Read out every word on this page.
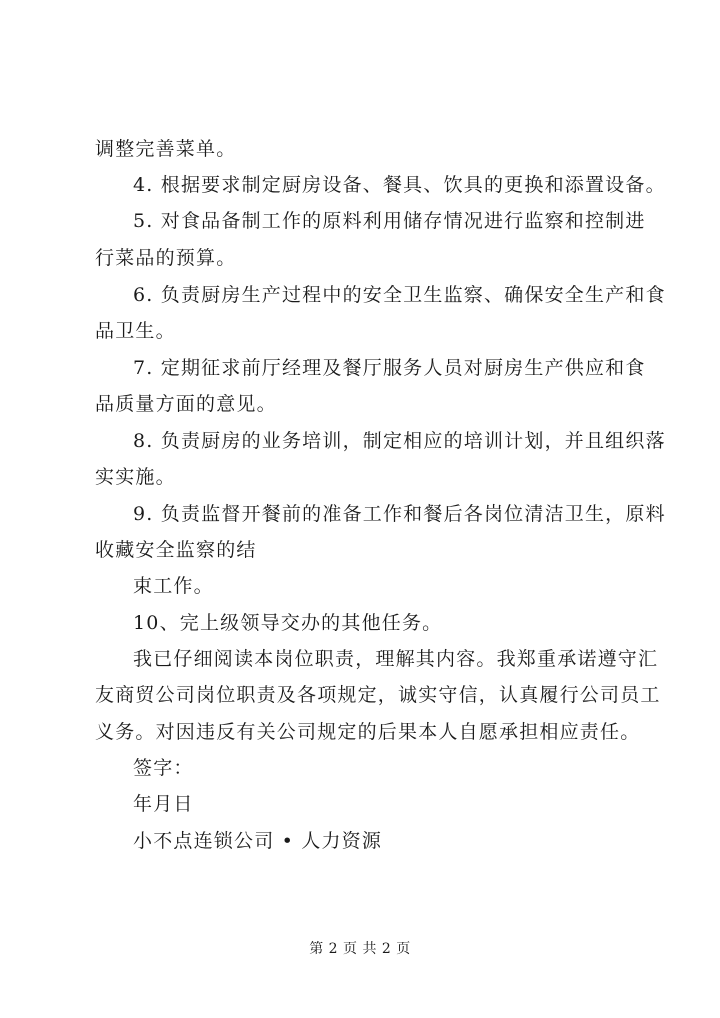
调整完善菜单。
4. 根据要求制定厨房设备、餐具、饮具的更换和添置设备。
5. 对食品备制工作的原料利用储存情况进行监察和控制进
行菜品的预算。
6. 负责厨房生产过程中的安全卫生监察、确保安全生产和食
品卫生。
7. 定期征求前厅经理及餐厅服务人员对厨房生产供应和食
品质量方面的意见。
8. 负责厨房的业务培训，制定相应的培训计划，并且组织落
实实施。
9. 负责监督开餐前的准备工作和餐后各岗位清洁卫生，原料
收藏安全监察的结
束工作。
10、完上级领导交办的其他任务。
我已仔细阅读本岗位职责，理解其内容。我郑重承诺遵守汇
友商贸公司岗位职责及各项规定，诚实守信，认真履行公司员工
义务。对因违反有关公司规定的后果本人自愿承担相应责任。
签字：
年月日
小不点连锁公司 • 人力资源
第 2 页 共 2 页
